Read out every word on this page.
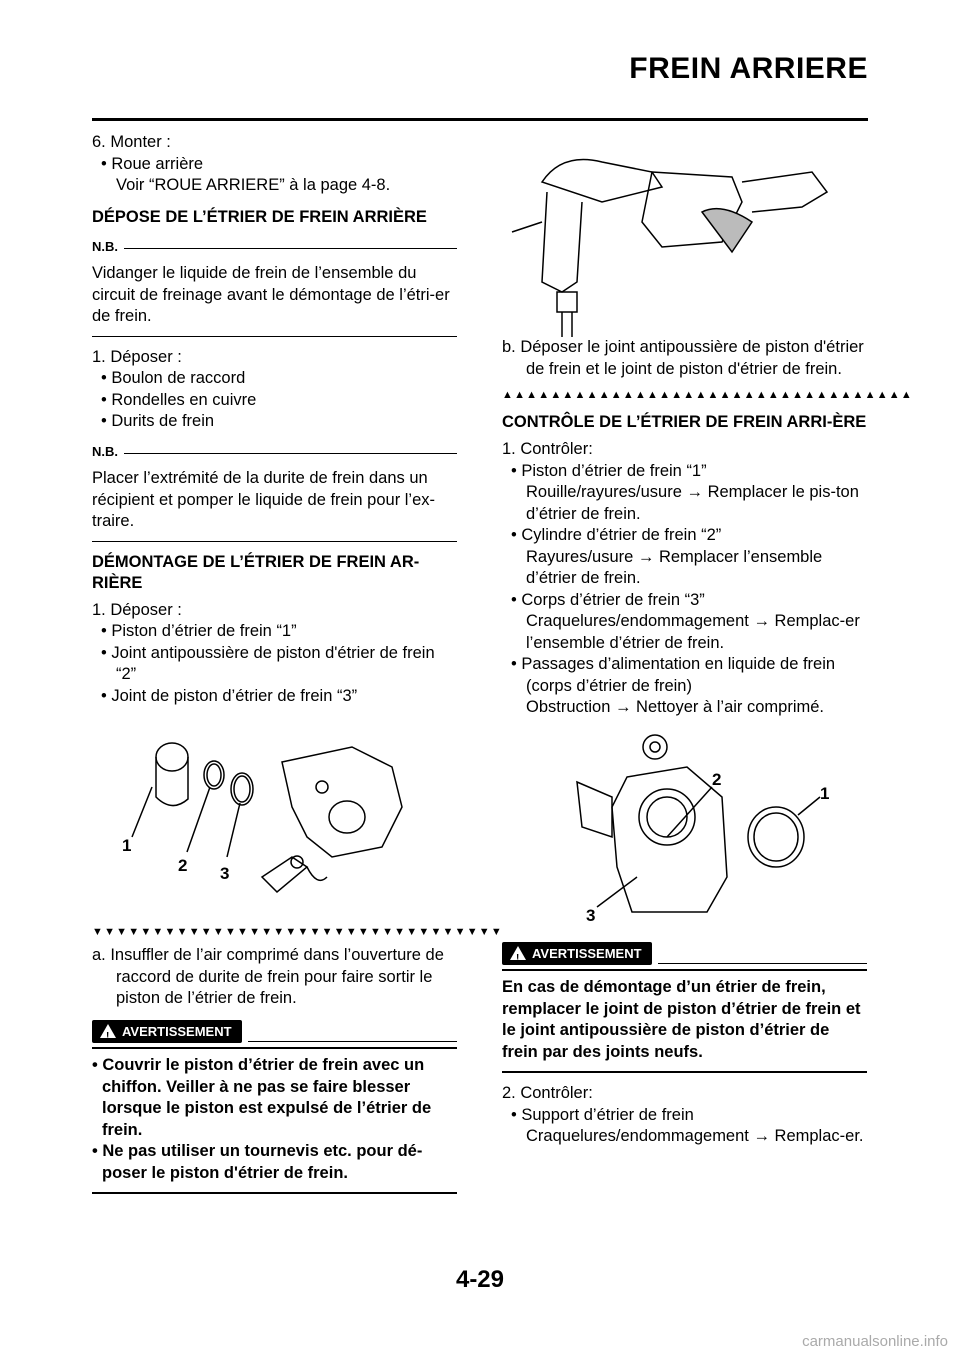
FREIN ARRIERE

6. Monter :

• Roue arrière

Voir “ROUE ARRIERE” à la page 4-8.

DÉPOSE DE L’ÉTRIER DE FREIN ARRIÈRE
N.B.

Vidanger le liquide de frein de l’ensemble du circuit de freinage avant le démontage de l’étri-er de frein.

1. Déposer :

• Boulon de raccord

• Rondelles en cuivre

• Durits de frein

N.B.

Placer l’extrémité de la durite de frein dans un récipient et pomper le liquide de frein pour l’ex-traire.

DÉMONTAGE DE L’ÉTRIER DE FREIN AR-RIÈRE

1. Déposer :

• Piston d’étrier de frein “1”

• Joint antipoussière de piston d'étrier de frein

“2”

• Joint de piston d’étrier de frein “3”

1
2 3
▼▼▼▼▼▼▼▼▼▼▼▼▼▼▼▼▼▼▼▼▼▼▼▼▼▼▼▼▼▼▼▼▼▼

a. Insuffler de l’air comprimé dans l’ouverture de raccord de durite de frein pour faire sortir le piston de l’étrier de frein.

! AVERTISSEMENT

• Couvrir le piston d’étrier de frein avec un chiffon. Veiller à ne pas se faire blesser lorsque le piston est expulsé de l’étrier de frein.

• Ne pas utiliser un tournevis etc. pour dé-poser le piston d'étrier de frein.

b. Déposer le joint antipoussière de piston d'étrier de frein et le joint de piston d'étrier de frein.

▲▲▲▲▲▲▲▲▲▲▲▲▲▲▲▲▲▲▲▲▲▲▲▲▲▲▲▲▲▲▲▲▲▲
CONTRÔLE DE L’ÉTRIER DE FREIN ARRI-ÈRE

1. Contrôler:

• Piston d’étrier de frein “1”

Rouille/rayures/usure → Remplacer le pis-ton d’étrier de frein.

• Cylindre d’étrier de frein “2”

Rayures/usure → Remplacer l’ensemble d’étrier de frein.

• Corps d’étrier de frein “3”

Craquelures/endommagement → Remplac-er l’ensemble d’étrier de frein.

• Passages d’alimentation en liquide de frein

(corps d’étrier de frein)

Obstruction → Nettoyer à l’air comprimé.

2
1
3
! AVERTISSEMENT

En cas de démontage d’un étrier de frein, remplacer le joint de piston d’étrier de frein et le joint antipoussière de piston d’étrier de frein par des joints neufs.

2. Contrôler:

• Support d’étrier de frein

Craquelures/endommagement → Remplac-er.

4-29
carmanualsonline.info
